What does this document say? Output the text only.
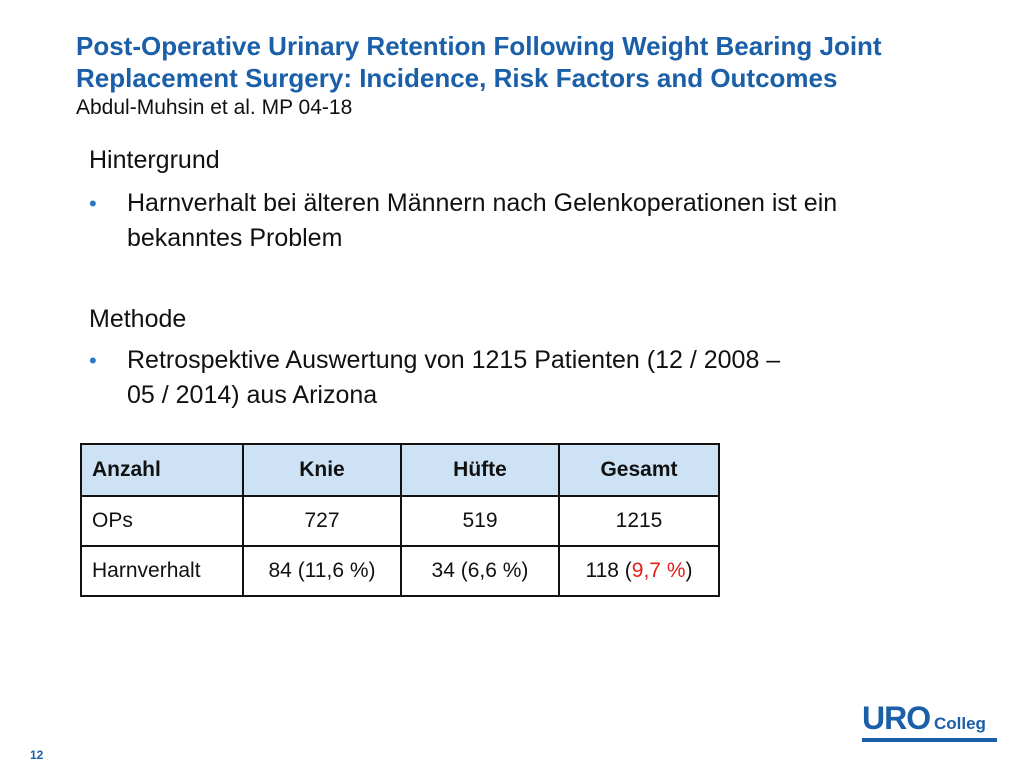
Post-Operative Urinary Retention Following Weight Bearing Joint
Replacement Surgery: Incidence, Risk Factors and Outcomes
Abdul-Muhsin et al. MP 04-18
Hintergrund
• Harnverhalt bei älteren Männern nach Gelenkoperationen ist ein
bekanntes Problem
Methode
• Retrospektive Auswertung von 1215 Patienten (12 / 2008 –
05 / 2014) aus Arizona
Anzahl	Knie	Hüfte	Gesamt
OPs	727	519	1215
Harnverhalt	84 (11,6 %)	34 (6,6 %)	118 (9,7 %)
URO Colleg
12
